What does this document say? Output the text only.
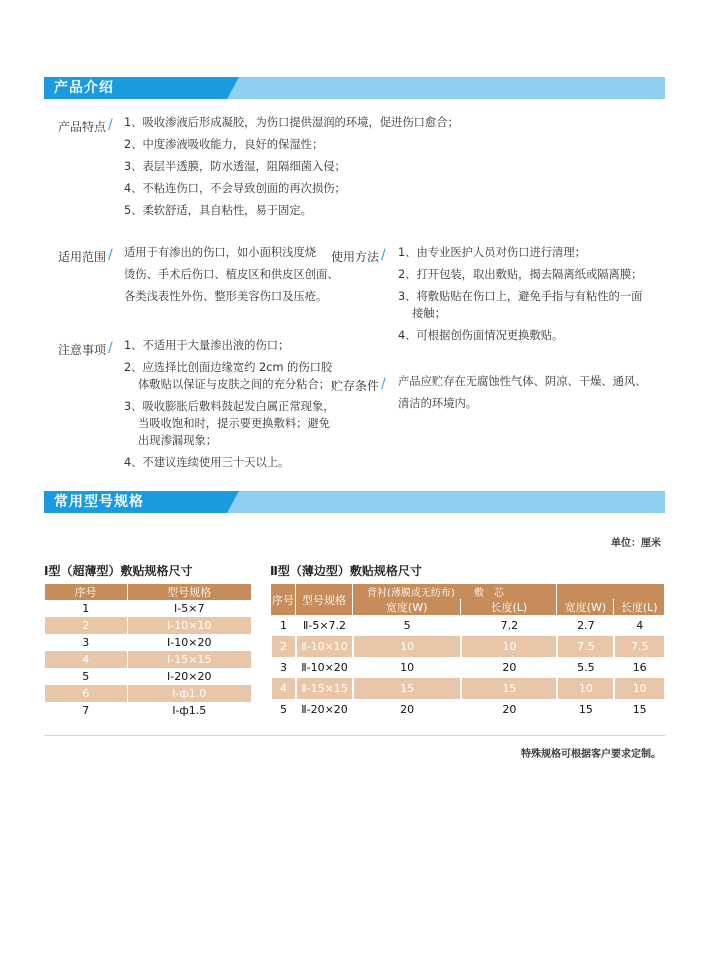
产品介绍
产品特点 / 1、吸收渗液后形成凝胶，为伤口提供湿润的环境，促进伤口愈合；

2、中度渗液吸收能力，良好的保湿性；

3、表层半透膜，防水透湿，阻隔细菌入侵；

4、不粘连伤口，不会导致创面的再次损伤；

5、柔软舒适，具自粘性，易于固定。

适用范围 / 适用于有渗出的伤口，如小面积浅度烧

烫伤、手术后伤口、植皮区和供皮区创面、

各类浅表性外伤、整形美容伤口及压疮。

使用方法 / 1、由专业医护人员对伤口进行清理；

2、打开包装，取出敷贴，揭去隔离纸或隔离膜；

3、将敷贴贴在伤口上，避免手指与有粘性的一面

接触；

4、可根据创伤面情况更换敷贴。

注意事项 / 1、不适用于大量渗出液的伤口；

2、应选择比创面边缘宽约 2cm 的伤口胶

体敷贴以保证与皮肤之间的充分粘合；

3、吸收膨胀后敷料鼓起发白属正常现象，

当吸收饱和时，提示要更换敷料；避免

出现渗漏现象；

4、不建议连续使用三十天以上。

贮存条件 / 产品应贮存在无腐蚀性气体、阴凉、干燥、通风、

清洁的环境内。

常用型号规格
单位：厘米
Ⅰ型（超薄型）敷贴规格尺寸
序号	型号规格
1	Ⅰ-5×7
2	Ⅰ-10×10
3	Ⅰ-10×20
4	Ⅰ-15×15
5	Ⅰ-20×20
6	Ⅰ-ф1.0
7	Ⅰ-ф1.5
Ⅱ型（薄边型）敷贴规格尺寸
序号	型号规格	背衬(薄膜或无纺布) 敷　芯			
		宽度(W)	长度(L)	宽度(W)	长度(L)
1	Ⅱ-5×7.2	5	7.2	2.7	4
2	Ⅱ-10×10	10	10	7.5	7.5
3	Ⅱ-10×20	10	20	5.5	16
4	Ⅱ-15×15	15	15	10	10
5	Ⅱ-20×20	20	20	15	15
特殊规格可根据客户要求定制。
